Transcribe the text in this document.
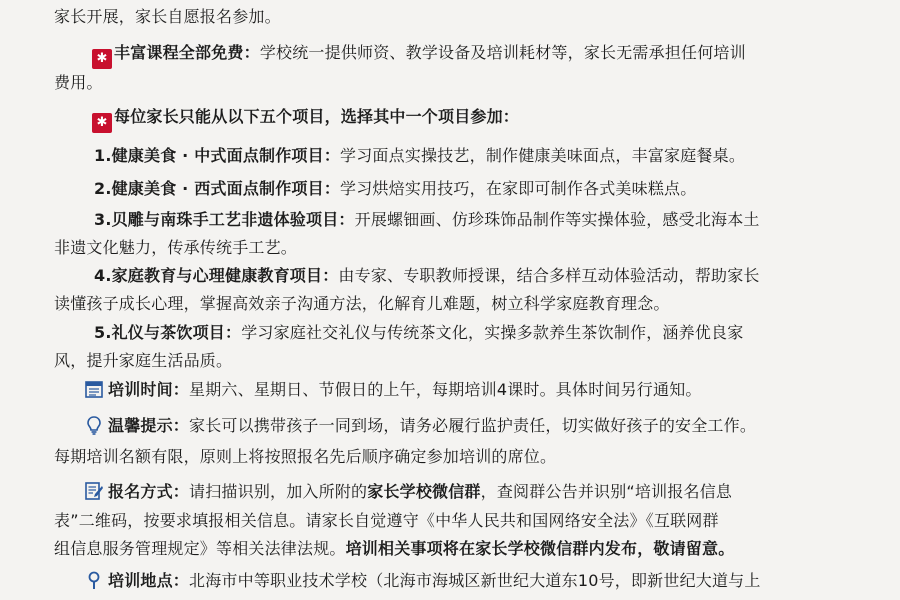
家长开展，家长自愿报名参加。
✱ 丰富课程全部免费：学校统一提供师资、教学设备及培训耗材等，家长无需承担任何培训
费用。
✱ 每位家长只能从以下五个项目，选择其中一个项目参加：
1.健康美食 · 中式面点制作项目：学习面点实操技艺，制作健康美味面点，丰富家庭餐桌。
2.健康美食 · 西式面点制作项目：学习烘焙实用技巧，在家即可制作各式美味糕点。
3.贝雕与南珠手工艺非遗体验项目：开展螺钿画、仿珍珠饰品制作等实操体验，感受北海本土
非遗文化魅力，传承传统手工艺。
4.家庭教育与心理健康教育项目：由专家、专职教师授课，结合多样互动体验活动，帮助家长
读懂孩子成长心理，掌握高效亲子沟通方法，化解育儿难题，树立科学家庭教育理念。
5.礼仪与茶饮项目：学习家庭社交礼仪与传统茶文化，实操多款养生茶饮制作，涵养优良家
风，提升家庭生活品质。
培训时间：星期六、星期日、节假日的上午，每期培训4课时。具体时间另行通知。
温馨提示：家长可以携带孩子一同到场，请务必履行监护责任，切实做好孩子的安全工作。
每期培训名额有限，原则上将按照报名先后顺序确定参加培训的席位。
报名方式：请扫描识别，加入所附的家长学校微信群，查阅群公告并识别“培训报名信息
表”二维码，按要求填报相关信息。请家长自觉遵守《中华人民共和国网络安全法》《互联网群
组信息服务管理规定》等相关法律法规。培训相关事项将在家长学校微信群内发布，敬请留意。
培训地点：北海市中等职业技术学校（北海市海城区新世纪大道东10号，即新世纪大道与上
